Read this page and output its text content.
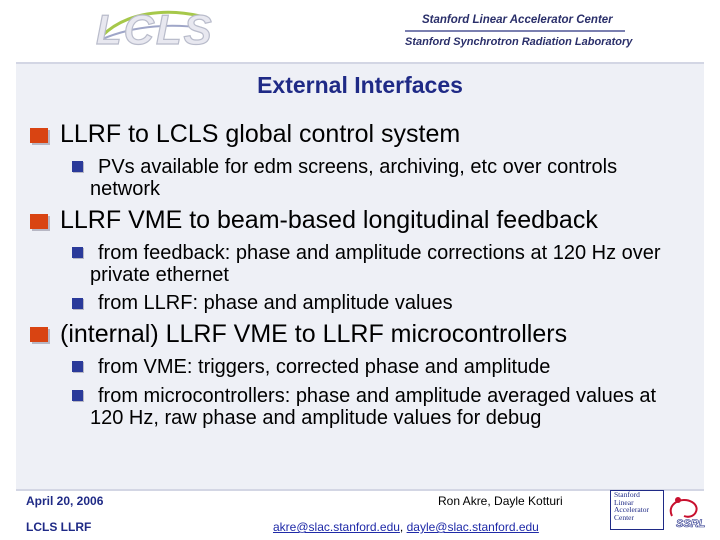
LCLS	Stanford Linear Accelerator Center
Stanford Synchrotron Radiation Laboratory
External Interfaces
LLRF to LCLS global control system
PVs available for edm screens, archiving, etc over controls network
LLRF VME to beam-based longitudinal feedback
from feedback: phase and amplitude corrections at 120 Hz over private ethernet
from LLRF: phase and amplitude values
(internal) LLRF VME to LLRF microcontrollers
from VME: triggers, corrected phase and amplitude
from microcontrollers: phase and amplitude averaged values at 120 Hz, raw phase and amplitude values for debug
April 20, 2006
LCLS LLRF
Ron Akre, Dayle Kotturi
akre@slac.stanford.edu, dayle@slac.stanford.edu
Stanford
Linear
Accelerator
Center
SSRL
